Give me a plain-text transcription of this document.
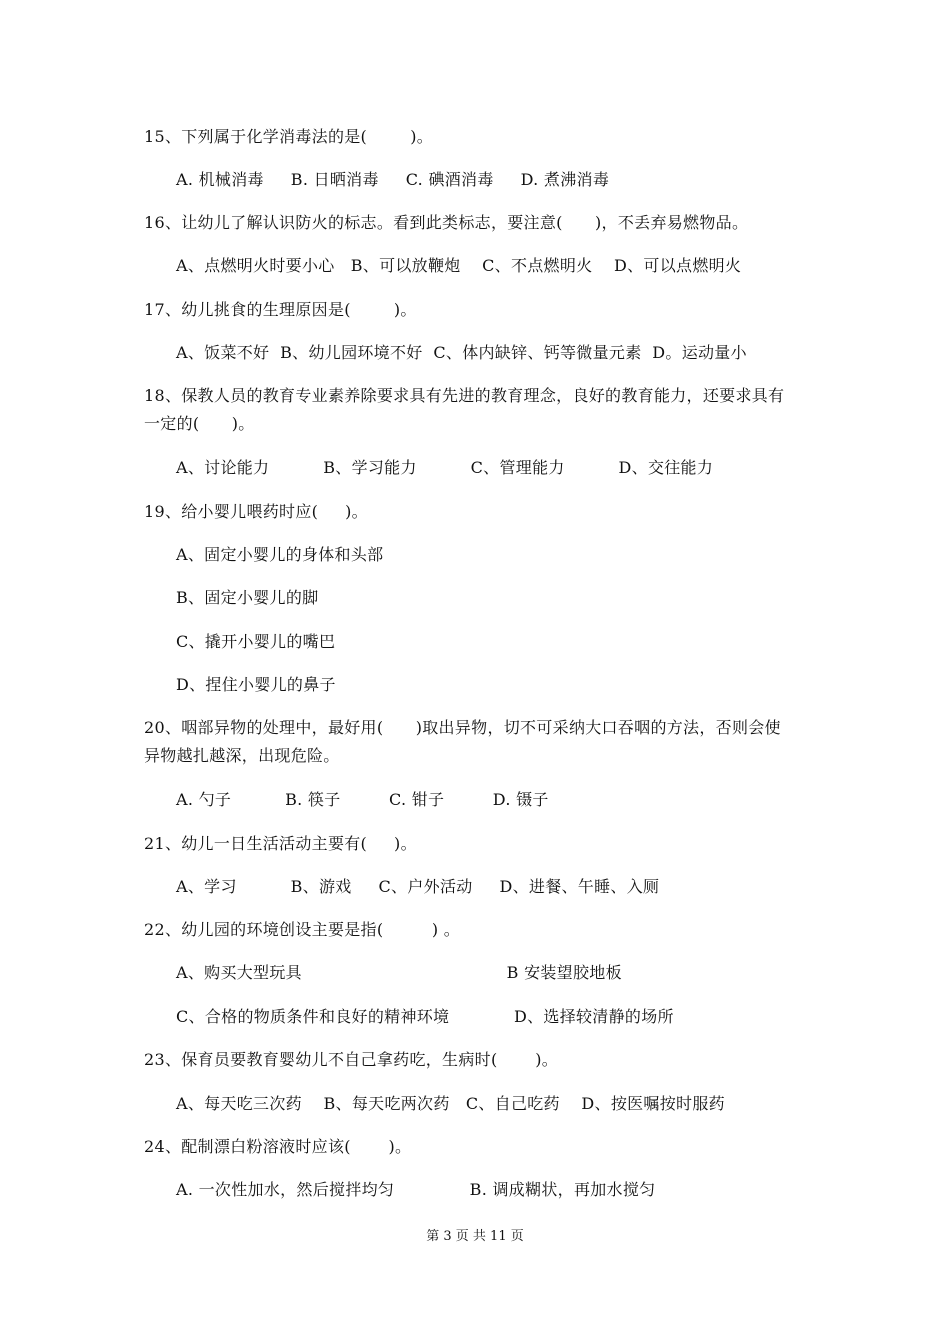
15、下列属于化学消毒法的是(        )。
A. 机械消毒     B. 日晒消毒     C. 碘酒消毒     D. 煮沸消毒
16、让幼儿了解认识防火的标志。看到此类标志，要注意(      )，不丢弃易燃物品。
A、点燃明火时要小心   B、可以放鞭炮    C、不点燃明火    D、可以点燃明火
17、幼儿挑食的生理原因是(        )。
A、饭菜不好  B、幼儿园环境不好  C、体内缺锌、钙等微量元素  D。运动量小
18、保教人员的教育专业素养除要求具有先进的教育理念，良好的教育能力，还要求具有
一定的(      )。
A、讨论能力          B、学习能力          C、管理能力          D、交往能力
19、给小婴儿喂药时应(     )。
A、固定小婴儿的身体和头部
B、固定小婴儿的脚
C、撬开小婴儿的嘴巴
D、捏住小婴儿的鼻子
20、咽部异物的处理中，最好用(      )取出异物，切不可采纳大口吞咽的方法，否则会使
异物越扎越深，出现危险。
A. 勺子          B. 筷子         C. 钳子         D. 镊子
21、幼儿一日生活活动主要有(     )。
A、学习          B、游戏     C、户外活动     D、进餐、午睡、入厕
22、幼儿园的环境创设主要是指(         ) 。
A、购买大型玩具                                      B 安装望胶地板
C、合格的物质条件和良好的精神环境            D、选择较清静的场所
23、保育员要教育婴幼儿不自己拿药吃，生病时(       )。
A、每天吃三次药    B、每天吃两次药   C、自己吃药    D、按医嘱按时服药
24、配制漂白粉溶液时应该(       )。
A. 一次性加水，然后搅拌均匀              B. 调成糊状，再加水搅匀
第 3 页 共 11 页
